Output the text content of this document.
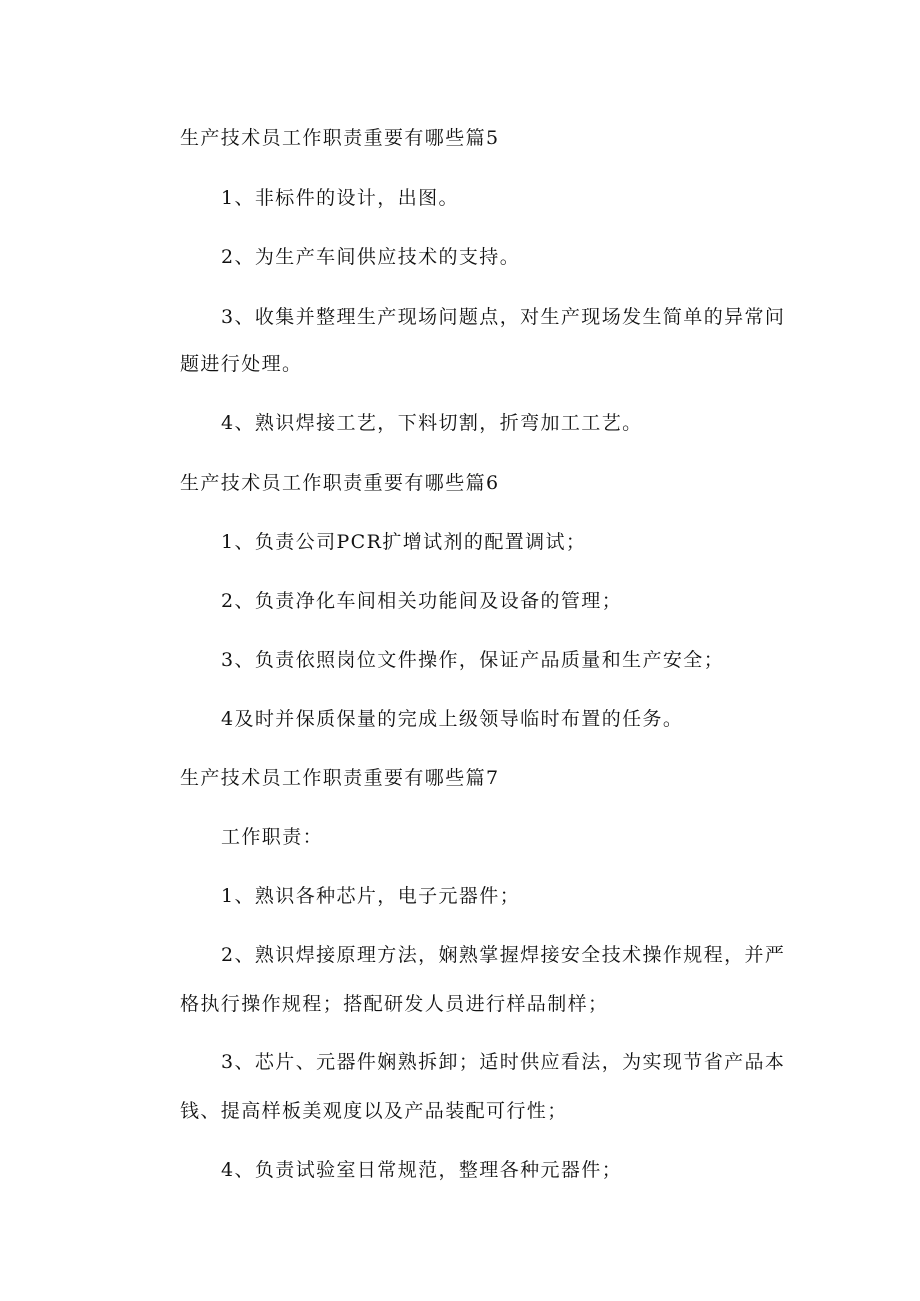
生产技术员工作职责重要有哪些篇5
1、非标件的设计，出图。
2、为生产车间供应技术的支持。
3、收集并整理生产现场问题点，对生产现场发生简单的异常问
题进行处理。
4、熟识焊接工艺，下料切割，折弯加工工艺。
生产技术员工作职责重要有哪些篇6
1、负责公司PCR扩增试剂的配置调试；
2、负责净化车间相关功能间及设备的管理；
3、负责依照岗位文件操作，保证产品质量和生产安全；
4及时并保质保量的完成上级领导临时布置的任务。
生产技术员工作职责重要有哪些篇7
工作职责：
1、熟识各种芯片，电子元器件；
2、熟识焊接原理方法，娴熟掌握焊接安全技术操作规程，并严
格执行操作规程；搭配研发人员进行样品制样；
3、芯片、元器件娴熟拆卸；适时供应看法，为实现节省产品本
钱、提高样板美观度以及产品装配可行性；
4、负责试验室日常规范，整理各种元器件；
